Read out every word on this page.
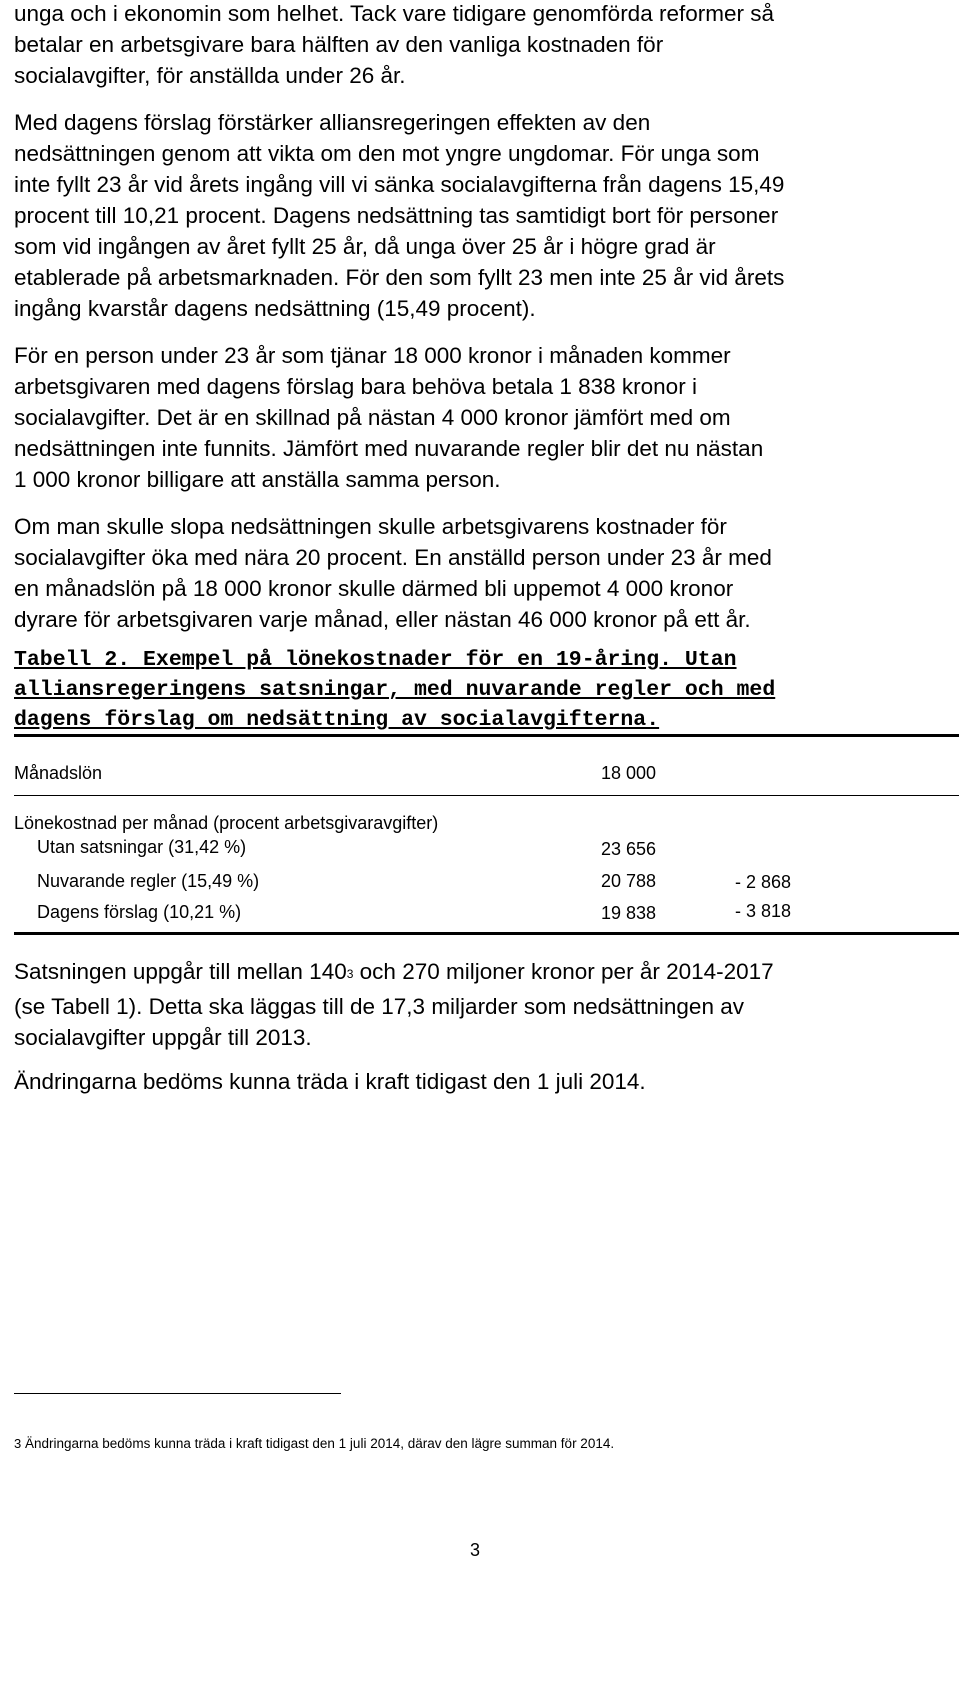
unga och i ekonomin som helhet. Tack vare tidigare genomförda reformer så
betalar en arbetsgivare bara hälften av den vanliga kostnaden för
socialavgifter, för anställda under 26 år.
Med dagens förslag förstärker alliansregeringen effekten av den
nedsättningen genom att vikta om den mot yngre ungdomar. För unga som
inte fyllt 23 år vid årets ingång vill vi sänka socialavgifterna från dagens 15,49
procent till 10,21 procent. Dagens nedsättning tas samtidigt bort för personer
som vid ingången av året fyllt 25 år, då unga över 25 år i högre grad är
etablerade på arbetsmarknaden. För den som fyllt 23 men inte 25 år vid årets
ingång kvarstår dagens nedsättning (15,49 procent).
För en person under 23 år som tjänar 18 000 kronor i månaden kommer
arbetsgivaren med dagens förslag bara behöva betala 1 838 kronor i
socialavgifter. Det är en skillnad på nästan 4 000 kronor jämfört med om
nedsättningen inte funnits. Jämfört med nuvarande regler blir det nu nästan
1 000 kronor billigare att anställa samma person.
Om man skulle slopa nedsättningen skulle arbetsgivarens kostnader för
socialavgifter öka med nära 20 procent. En anställd person under 23 år med
en månadslön på 18 000 kronor skulle därmed bli uppemot 4 000 kronor
dyrare för arbetsgivaren varje månad, eller nästan 46 000 kronor på ett år.
Tabell 2. Exempel på lönekostnader för en 19-åring. Utan
alliansregeringens satsningar, med nuvarande regler och med
dagens förslag om nedsättning av socialavgifterna.
Månadslön	18 000
Lönekostnad per månad (procent arbetsgivaravgifter)
Utan satsningar (31,42 %)	23 656
Nuvarande regler (15,49 %)	20 788	- 2 868
Dagens förslag (10,21 %)	19 838	- 3 818
Satsningen uppgår till mellan $140^3$ och 270 miljoner kronor per år 2014-2017
(se Tabell 1). Detta ska läggas till de 17,3 miljarder som nedsättningen av
socialavgifter uppgår till 2013.
Ändringarna bedöms kunna träda i kraft tidigast den 1 juli 2014.
3 Ändringarna bedöms kunna träda i kraft tidigast den 1 juli 2014, därav den lägre summan för 2014.
3
